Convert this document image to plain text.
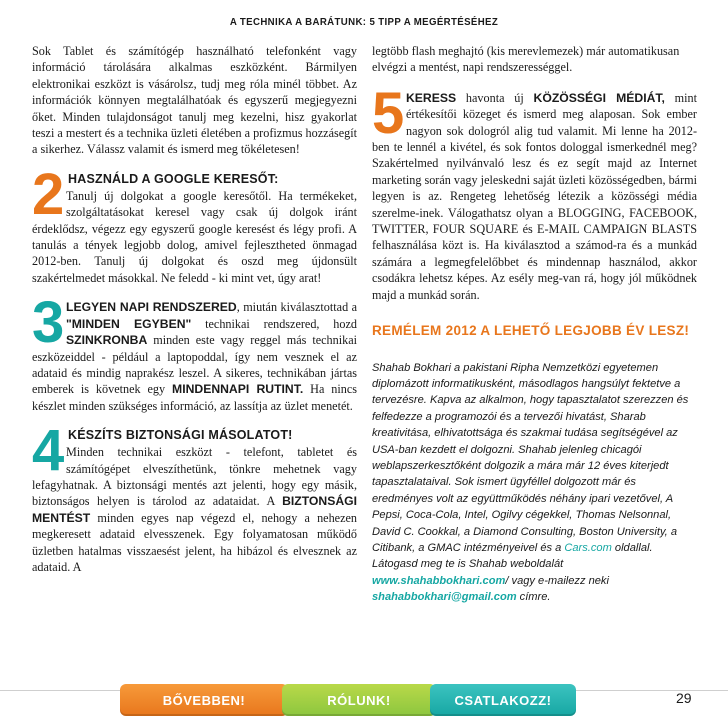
A TECHNIKA A BARÁTUNK: 5 TIPP A MEGÉRTÉSÉHEZ

Sok Tablet és számítógép használható telefonként vagy információ tárolására alkalmas eszközként. Bármilyen elektronikai eszközt is vásárolsz, tudj meg róla minél többet. Az információk könnyen megtalálhatóak és egyszerű megjegyezni őket. Minden tulajdonságot tanulj meg kezelni, hisz gyakorlat teszi a mestert és a technika üzleti életében a profizmus hozzásegít a sikerhez. Válassz valamit és ismerd meg tökéletesen!

2 HASZNÁLD A GOOGLE KERESŐT:
Tanulj új dolgokat a google keresőtől. Ha termékeket, szolgáltatásokat keresel vagy csak új dolgok iránt érdeklődsz, végezz egy egyszerű google keresést és légy profi. A tanulás a tények legjobb dolog, amivel fejlesztheted önmagad 2012-ben. Tanulj új dolgokat és oszd meg újdonsült szakértelmedet másokkal. Ne feledd - ki mint vet, úgy arat!
3 LEGYEN NAPI RENDSZERED, miután kiválasztottad a "MINDEN EGYBEN" technikai rendszered, hozd SZINKRONBA minden este vagy reggel más technikai eszközeiddel - például a laptopoddal, így nem vesznek el az adataid és mindig naprakész leszel. A sikeres, technikában jártas emberek is követnek egy MINDENNAPI RUTINT. Ha nincs készlet minden szükséges információ, az lassítja az üzlet menetét.
4 KÉSZÍTS BIZTONSÁGI MÁSOLATOT!
Minden technikai eszközt - telefont, tabletet és számítógépet elveszíthetünk, tönkre mehetnek vagy lefagyhatnak. A biztonsági mentés azt jelenti, hogy egy másik, biztonságos helyen is tárolod az adataidat. A BIZTONSÁGI MENTÉST minden egyes nap végezd el, nehogy a nehezen megkeresett adataid elvesszenek. Egy folyamatosan működő üzletben hatalmas visszaesést jelent, ha hibázol és elvesznek az adataid. A

legtöbb flash meghajtó (kis merevlemezek) már automatikusan elvégzi a mentést, napi rendszerességgel.

5 KERESS havonta új KÖZÖSSÉGI MÉDIÁT, mint értékesítői közeget és ismerd meg alaposan. Sok ember nagyon sok dologról alig tud valamit. Mi lenne ha 2012-ben te lennél a kivétel, és sok fontos dologgal ismerkednél meg? Szakértelmed nyilvánvaló lesz és ez segít majd az Internet marketing során vagy jeleskedni saját üzleti közösségedben, bármi legyen is az. Rengeteg lehetőség létezik a közösségi média szerelme-inek. Válogathatsz olyan a BLOGGING, FACEBOOK, TWITTER, FOUR SQUARE és E-MAIL CAMPAIGN BLASTS felhasználása közt is. Ha kiválasztod a számod-ra és a munkád számára a legmegfelelőbbet és mindennap használod, akkor csodákra lehetsz képes. Az esély meg-van rá, hogy jól működnek majd a munkád során.
REMÉLEM 2012 A LEHETŐ LEGJOBB ÉV LESZ!
Shahab Bokhari a pakistani Ripha Nemzetközi egyetemen diplomázott informatikusként, másodlagos hangsúlyt fektetve a tervezésre. Kapva az alkalmon, hogy tapasztalatot szerezzen és felfedezze a programozói és a tervezői hivatást, Sharab kreativitása, elhivatottsága és szakmai tudása segítségével az USA-ban kezdett el dolgozni. Shahab jelenleg chicagói weblapszerkesztőként dolgozik a mára már 12 éves kiterjedt tapasztalataival. Sok ismert ügyféllel dolgozott már és eredményes volt az együttműködés néhány ipari vezetővel, A Pepsi, Coca-Cola, Intel, Ogilvy cégekkel, Thomas Nelsonnal, David C. Cookkal, a Diamond Consulting, Boston University, a Citibank, a GMAC intézményeivel és a Cars.com oldallal. Látogasd meg te is Shahab weboldalát www.shahabbokhari.com/ vagy e-mailezz neki shahabbokhari@gmail.com címre.
BŐVEBBEN!	RÓLUNK!	CSATLAKOZZ!	29
